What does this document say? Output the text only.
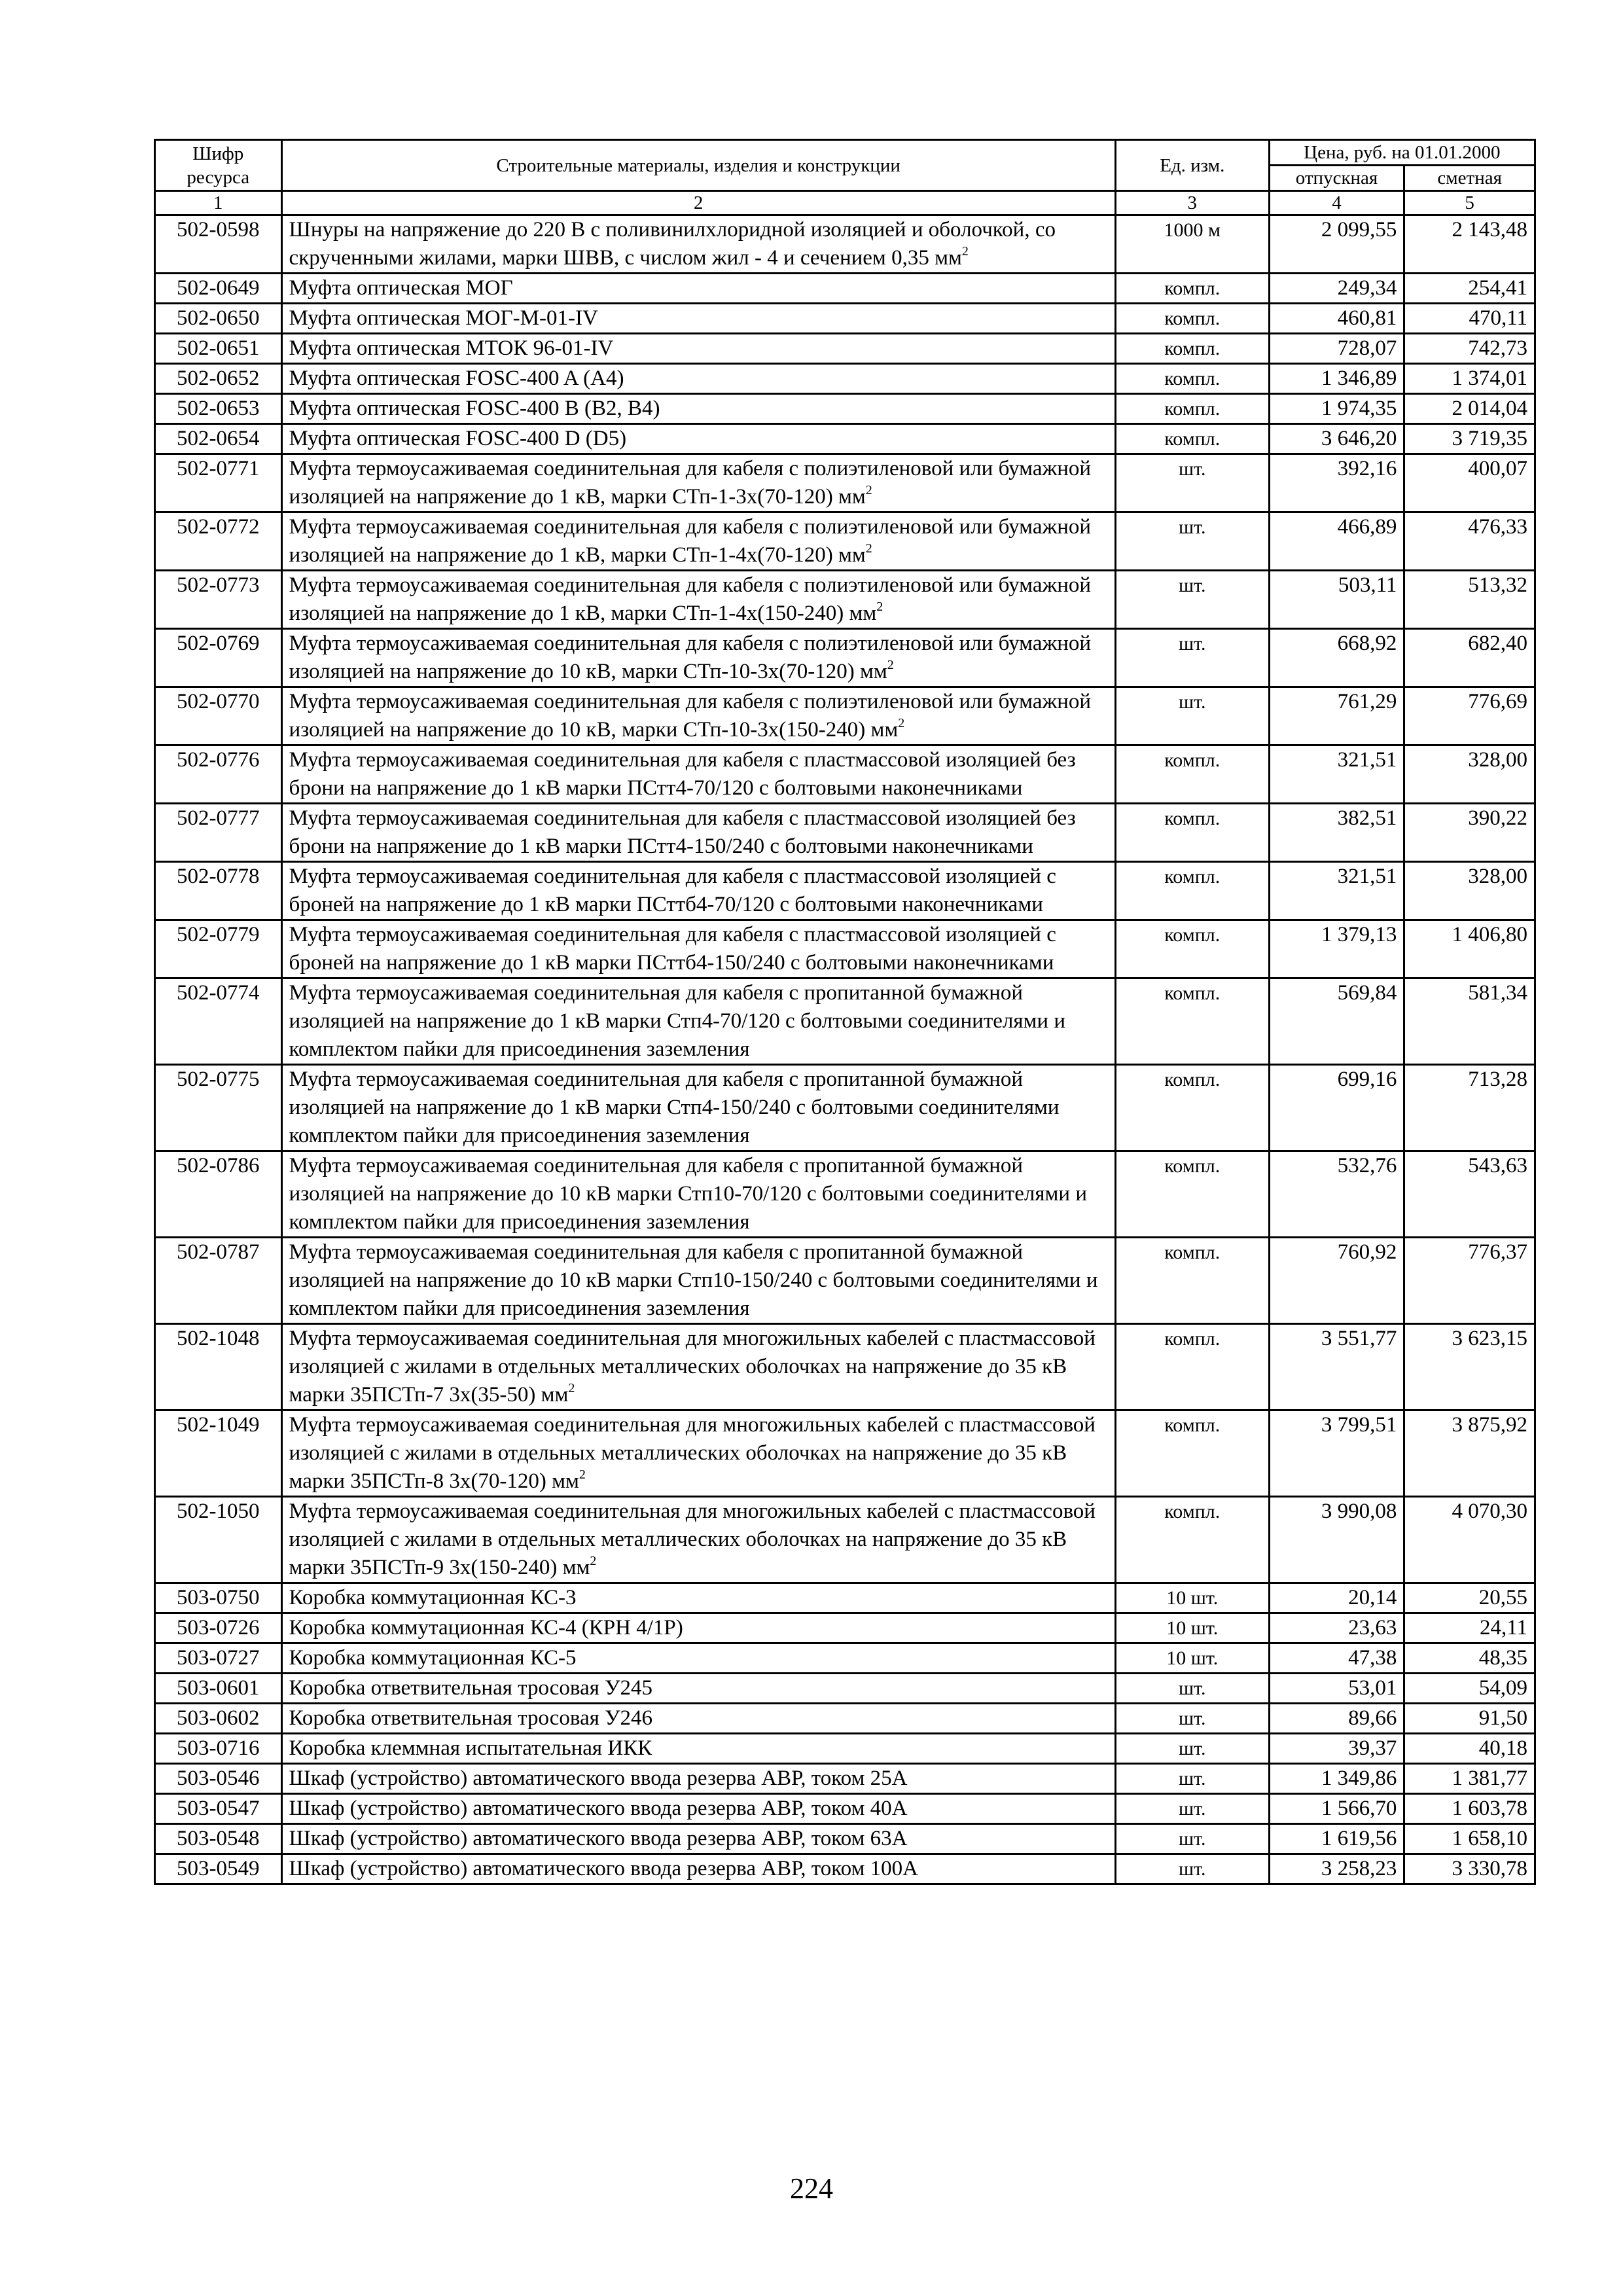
Шифр ресурса	Строительные материалы, изделия и конструкции	Ед. изм.	Цена, руб. на 01.01.2000	
			отпускная	сметная
1	2	3	4	5
502-0598	Шнуры на напряжение до 220 В с поливинилхлоридной изоляцией и оболочкой, со скрученными жилами, марки ШВВ, с числом жил - 4 и сечением 0,35 $мм^2$	1000 м	2 099,55	2 143,48
502-0649	Муфта оптическая МОГ	компл.	249,34	254,41
502-0650	Муфта оптическая МОГ-М-01-IV	компл.	460,81	470,11
502-0651	Муфта оптическая МТОК 96-01-IV	компл.	728,07	742,73
502-0652	Муфта оптическая FOSC-400 A (A4)	компл.	1 346,89	1 374,01
502-0653	Муфта оптическая FOSC-400 B (B2, B4)	компл.	1 974,35	2 014,04
502-0654	Муфта оптическая FOSC-400 D (D5)	компл.	3 646,20	3 719,35
502-0771	Муфта термоусаживаемая соединительная для кабеля с полиэтиленовой или бумажной изоляцией на напряжение до 1 кВ, марки СТп-1-3х(70-120) $мм^2$	шт.	392,16	400,07
502-0772	Муфта термоусаживаемая соединительная для кабеля с полиэтиленовой или бумажной изоляцией на напряжение до 1 кВ, марки СТп-1-4х(70-120) $мм^2$	шт.	466,89	476,33
502-0773	Муфта термоусаживаемая соединительная для кабеля с полиэтиленовой или бумажной изоляцией на напряжение до 1 кВ, марки СТп-1-4х(150-240) $мм^2$	шт.	503,11	513,32
502-0769	Муфта термоусаживаемая соединительная для кабеля с полиэтиленовой или бумажной изоляцией на напряжение до 10 кВ, марки СТп-10-3х(70-120) $мм^2$	шт.	668,92	682,40
502-0770	Муфта термоусаживаемая соединительная для кабеля с полиэтиленовой или бумажной изоляцией на напряжение до 10 кВ, марки СТп-10-3х(150-240) $мм^2$	шт.	761,29	776,69
502-0776	Муфта термоусаживаемая соединительная для кабеля с пластмассовой изоляцией без брони на напряжение до 1 кВ марки ПСтт4-70/120 с болтовыми наконечниками	компл.	321,51	328,00
502-0777	Муфта термоусаживаемая соединительная для кабеля с пластмассовой изоляцией без брони на напряжение до 1 кВ марки ПСтт4-150/240 с болтовыми наконечниками	компл.	382,51	390,22
502-0778	Муфта термоусаживаемая соединительная для кабеля с пластмассовой изоляцией с броней на напряжение до 1 кВ марки ПСттб4-70/120 с болтовыми наконечниками	компл.	321,51	328,00
502-0779	Муфта термоусаживаемая соединительная для кабеля с пластмассовой изоляцией с броней на напряжение до 1 кВ марки ПСттб4-150/240 с болтовыми наконечниками	компл.	1 379,13	1 406,80
502-0774	Муфта термоусаживаемая соединительная для кабеля с пропитанной бумажной изоляцией на напряжение до 1 кВ марки Стп4-70/120 с болтовыми соединителями и комплектом пайки для присоединения заземления	компл.	569,84	581,34
502-0775	Муфта термоусаживаемая соединительная для кабеля с пропитанной бумажной изоляцией на напряжение до 1 кВ марки Стп4-150/240 с болтовыми соединителями комплектом пайки для присоединения заземления	компл.	699,16	713,28
502-0786	Муфта термоусаживаемая соединительная для кабеля с пропитанной бумажной изоляцией на напряжение до 10 кВ марки Стп10-70/120 с болтовыми соединителями и комплектом пайки для присоединения заземления	компл.	532,76	543,63
502-0787	Муфта термоусаживаемая соединительная для кабеля с пропитанной бумажной изоляцией на напряжение до 10 кВ марки Стп10-150/240 с болтовыми соединителями и комплектом пайки для присоединения заземления	компл.	760,92	776,37
502-1048	Муфта термоусаживаемая соединительная для многожильных кабелей с пластмассовой изоляцией с жилами в отдельных металлических оболочках на напряжение до 35 кВ марки 35ПСТп-7 3х(35-50) $мм^2$	компл.	3 551,77	3 623,15
502-1049	Муфта термоусаживаемая соединительная для многожильных кабелей с пластмассовой изоляцией с жилами в отдельных металлических оболочках на напряжение до 35 кВ марки 35ПСТп-8 3х(70-120) $мм^2$	компл.	3 799,51	3 875,92
502-1050	Муфта термоусаживаемая соединительная для многожильных кабелей с пластмассовой изоляцией с жилами в отдельных металлических оболочках на напряжение до 35 кВ марки 35ПСТп-9 3х(150-240) $мм^2$	компл.	3 990,08	4 070,30
503-0750	Коробка коммутационная КС-3	10 шт.	20,14	20,55
503-0726	Коробка коммутационная КС-4 (КРН 4/1Р)	10 шт.	23,63	24,11
503-0727	Коробка коммутационная КС-5	10 шт.	47,38	48,35
503-0601	Коробка ответвительная тросовая У245	шт.	53,01	54,09
503-0602	Коробка ответвительная тросовая У246	шт.	89,66	91,50
503-0716	Коробка клеммная испытательная ИКК	шт.	39,37	40,18
503-0546	Шкаф (устройство) автоматического ввода резерва АВР, током 25А	шт.	1 349,86	1 381,77
503-0547	Шкаф (устройство) автоматического ввода резерва АВР, током 40А	шт.	1 566,70	1 603,78
503-0548	Шкаф (устройство) автоматического ввода резерва АВР, током 63А	шт.	1 619,56	1 658,10
503-0549	Шкаф (устройство) автоматического ввода резерва АВР, током 100А	шт.	3 258,23	3 330,78
224
